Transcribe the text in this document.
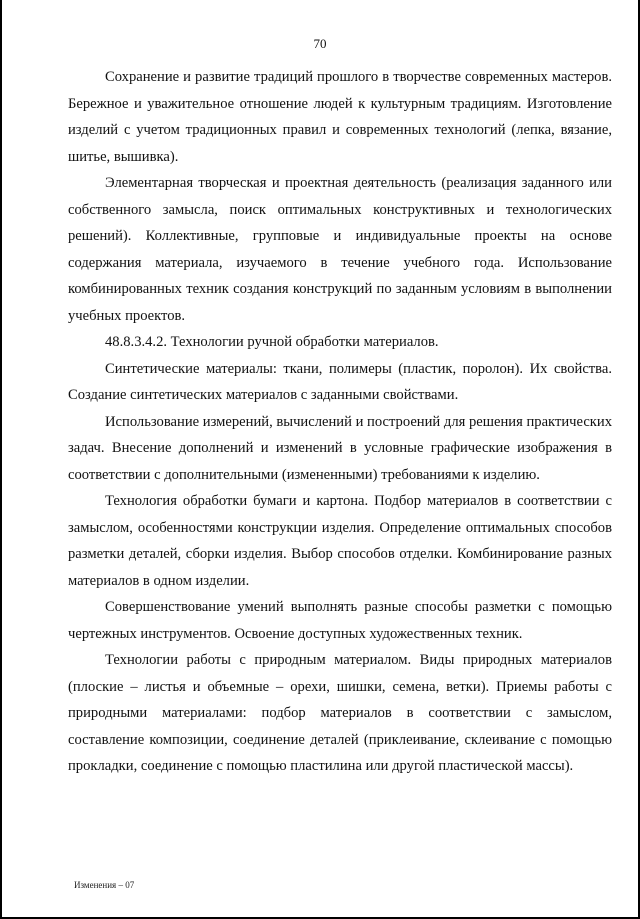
70

Сохранение и развитие традиций прошлого в творчестве современных мастеров. Бережное и уважительное отношение людей к культурным традициям. Изготовление изделий с учетом традиционных правил и современных технологий (лепка, вязание, шитье, вышивка).

Элементарная творческая и проектная деятельность (реализация заданного или собственного замысла, поиск оптимальных конструктивных и технологических решений). Коллективные, групповые и индивидуальные проекты на основе содержания материала, изучаемого в течение учебного года. Использование комбинированных техник создания конструкций по заданным условиям в выполнении учебных проектов.

48.8.3.4.2. Технологии ручной обработки материалов.

Синтетические материалы: ткани, полимеры (пластик, поролон). Их свойства. Создание синтетических материалов с заданными свойствами.

Использование измерений, вычислений и построений для решения практических задач. Внесение дополнений и изменений в условные графические изображения в соответствии с дополнительными (измененными) требованиями к изделию.

Технология обработки бумаги и картона. Подбор материалов в соответствии с замыслом, особенностями конструкции изделия. Определение оптимальных способов разметки деталей, сборки изделия. Выбор способов отделки. Комбинирование разных материалов в одном изделии.

Совершенствование умений выполнять разные способы разметки с помощью чертежных инструментов. Освоение доступных художественных техник.

Технологии работы с природным материалом. Виды природных материалов (плоские – листья и объемные – орехи, шишки, семена, ветки). Приемы работы с природными материалами: подбор материалов в соответствии с замыслом, составление композиции, соединение деталей (приклеивание, склеивание с помощью прокладки, соединение с помощью пластилина или другой пластической массы).

Изменения – 07
